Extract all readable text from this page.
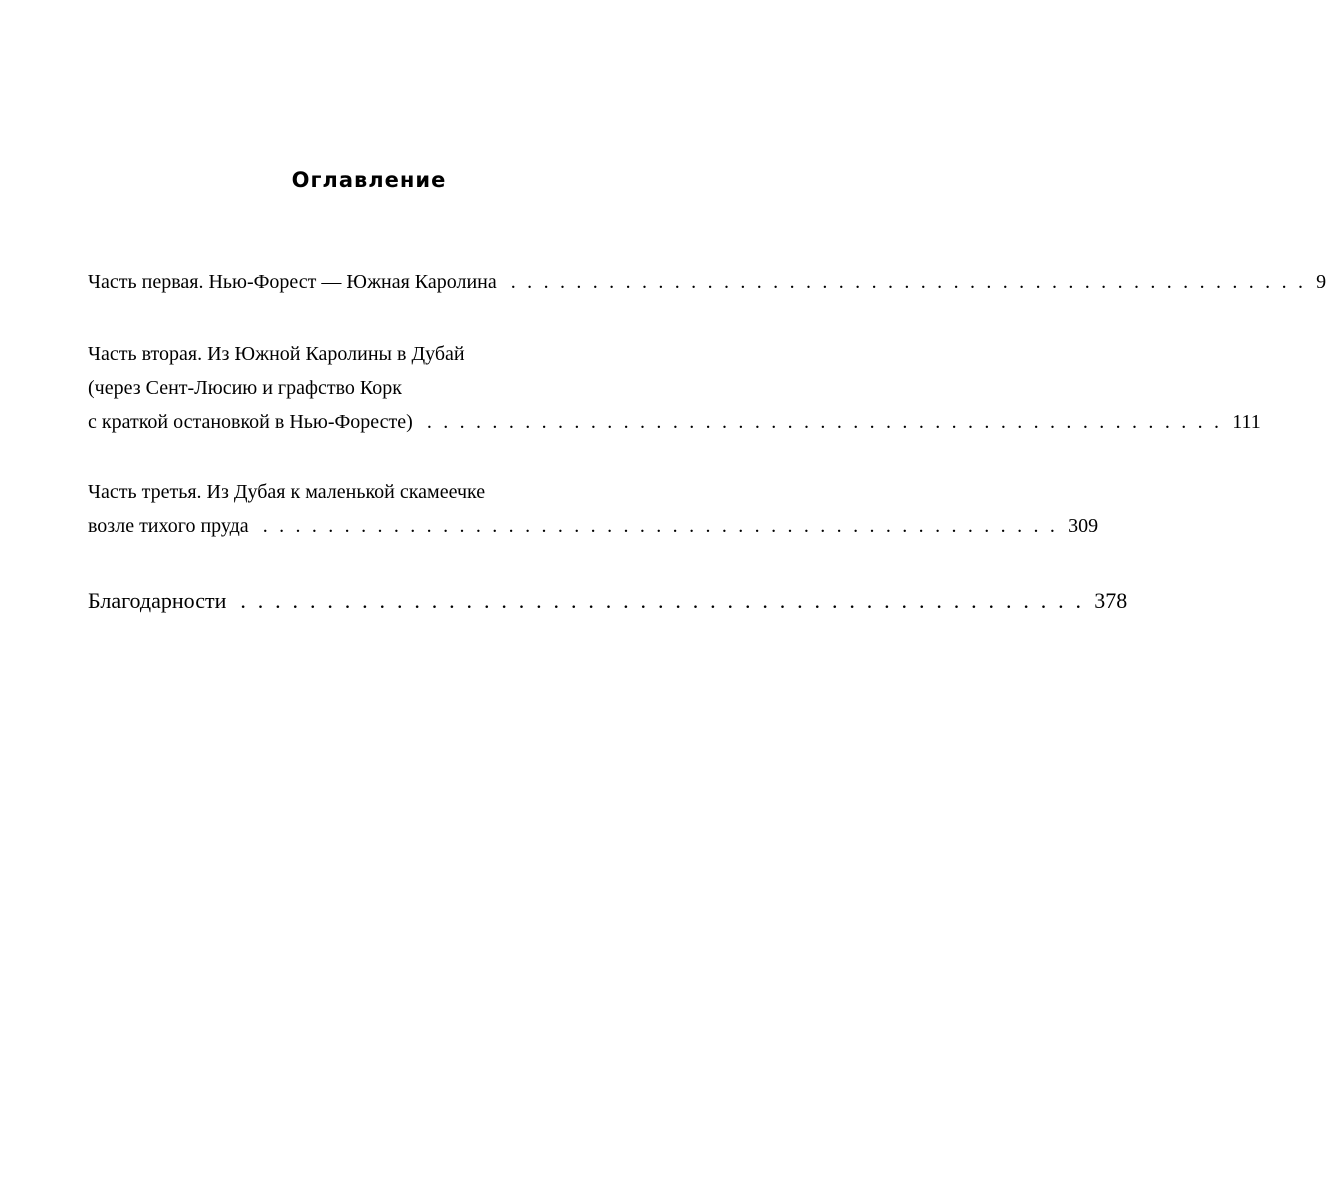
Оглавление
Часть первая. Нью-Форест — Южная Каролина . . . . . . . . . . . . . . . . . . . . . . . . . . . . . . . . . . . . . . . . . . . . . . . . . 9
Часть вторая. Из Южной Каролины в Дубай
(через Сент-Люсию и графство Корк
с краткой остановкой в Нью-Форесте) . . . . . . . . . . . . . . . . . . . . . . . . . . . . . . . . . . . . . . . . . . . . . . . . . 111
Часть третья. Из Дубая к маленькой скамеечке
возле тихого пруда . . . . . . . . . . . . . . . . . . . . . . . . . . . . . . . . . . . . . . . . . . . . . . . . . 309
Благодарности . . . . . . . . . . . . . . . . . . . . . . . . . . . . . . . . . . . . . . . . . . . . . . . . . 378
